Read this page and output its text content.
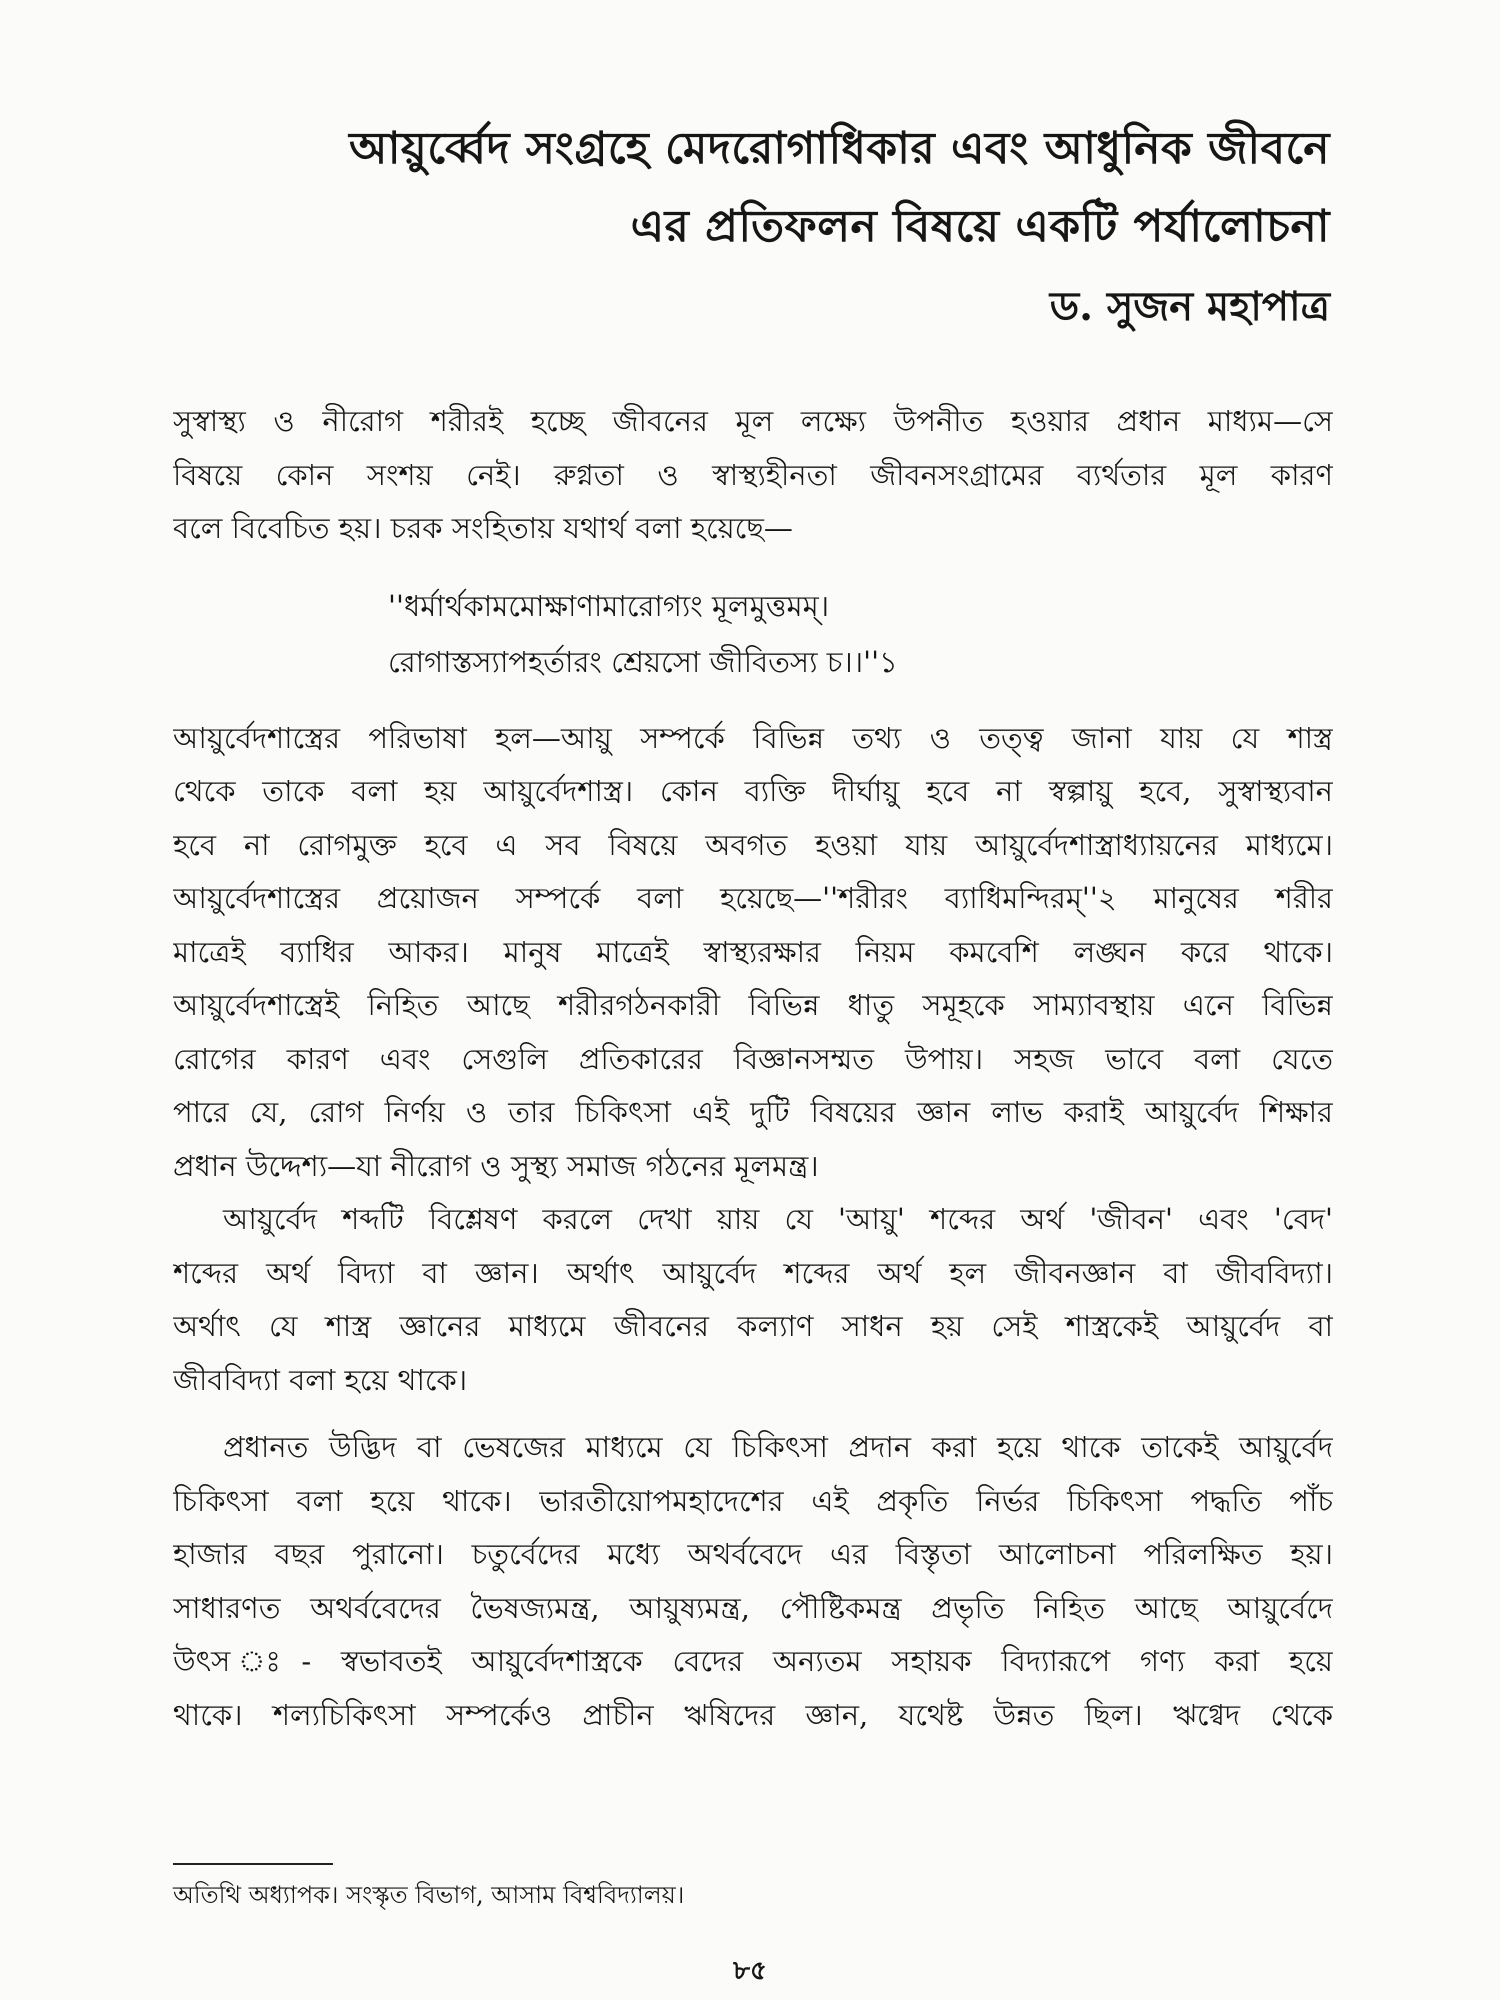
আয়ুর্ব্বেদ সংগ্রহে মেদরোগাধিকার এবং আধুনিক জীবনে
এর প্রতিফলন বিষয়ে একটি পর্যালোচনা
ড. সুজন মহাপাত্র
সুস্বাস্থ্য ও নীরোগ শরীরই হচ্ছে জীবনের মূল লক্ষ্যে উপনীত হওয়ার প্রধান মাধ্যম—সে
বিষয়ে কোন সংশয় নেই। রুগ্নতা ও স্বাস্থ্যহীনতা জীবনসংগ্রামের ব্যর্থতার মূল কারণ
বলে বিবেচিত হয়। চরক সংহিতায় যথার্থ বলা হয়েছে—
''ধর্মার্থকামমোক্ষাণামারোগ্যং মূলমুত্তমম্।
রোগাস্তস্যাপহর্তারং শ্রেয়সো জীবিতস্য চ।।''১
আয়ুর্বেদশাস্ত্রের পরিভাষা হল—আয়ু সম্পর্কে বিভিন্ন তথ্য ও তত্ত্ব জানা যায় যে শাস্ত্র
থেকে তাকে বলা হয় আয়ুর্বেদশাস্ত্র। কোন ব্যক্তি দীর্ঘায়ু হবে না স্বল্পায়ু হবে, সুস্বাস্থ্যবান
হবে না রোগমুক্ত হবে এ সব বিষয়ে অবগত হওয়া যায় আয়ুর্বেদশাস্ত্রাধ্যায়নের মাধ্যমে।
আয়ুর্বেদশাস্ত্রের প্রয়োজন সম্পর্কে বলা হয়েছে—''শরীরং ব্যাধিমন্দিরম্''২ মানুষের শরীর
মাত্রেই ব্যাধির আকর। মানুষ মাত্রেই স্বাস্থ্যরক্ষার নিয়ম কমবেশি লঙ্ঘন করে থাকে।
আয়ুর্বেদশাস্ত্রেই নিহিত আছে শরীরগঠনকারী বিভিন্ন ধাতু সমূহকে সাম্যাবস্থায় এনে বিভিন্ন
রোগের কারণ এবং সেগুলি প্রতিকারের বিজ্ঞানসম্মত উপায়। সহজ ভাবে বলা যেতে
পারে যে, রোগ নির্ণয় ও তার চিকিৎসা এই দুটি বিষয়ের জ্ঞান লাভ করাই আয়ুর্বেদ শিক্ষার
প্রধান উদ্দেশ্য—যা নীরোগ ও সুস্থ্য সমাজ গঠনের মূলমন্ত্র।
আয়ুর্বেদ শব্দটি বিশ্লেষণ করলে দেখা য়ায় যে 'আয়ু' শব্দের অর্থ 'জীবন' এবং 'বেদ'
শব্দের অর্থ বিদ্যা বা জ্ঞান। অর্থাৎ আয়ুর্বেদ শব্দের অর্থ হল জীবনজ্ঞান বা জীববিদ্যা।
অর্থাৎ যে শাস্ত্র জ্ঞানের মাধ্যমে জীবনের কল্যাণ সাধন হয় সেই শাস্ত্রকেই আয়ুর্বেদ বা
জীববিদ্যা বলা হয়ে থাকে।
প্রধানত উদ্ভিদ বা ভেষজের মাধ্যমে যে চিকিৎসা প্রদান করা হয়ে থাকে তাকেই আয়ুর্বেদ
চিকিৎসা বলা হয়ে থাকে। ভারতীয়োপমহাদেশের এই প্রকৃতি নির্ভর চিকিৎসা পদ্ধতি পাঁচ
হাজার বছর পুরানো। চতুর্বেদের মধ্যে অথর্ববেদে এর বিস্তৃতা আলোচনা পরিলক্ষিত হয়।
সাধারণত অথর্ববেদের ভৈষজ্যমন্ত্র, আয়ুষ্যমন্ত্র, পৌষ্টিকমন্ত্র প্রভৃতি নিহিত আছে আয়ুর্বেদে
উৎস ঃ- স্বভাবতই আয়ুর্বেদশাস্ত্রকে বেদের অন্যতম সহায়ক বিদ্যারূপে গণ্য করা হয়ে
থাকে। শল্যচিকিৎসা সম্পর্কেও প্রাচীন ঋষিদের জ্ঞান, যথেষ্ট উন্নত ছিল। ঋগ্বেদ থেকে
অতিথি অধ্যাপক। সংস্কৃত বিভাগ, আসাম বিশ্ববিদ্যালয়।
৮৫
